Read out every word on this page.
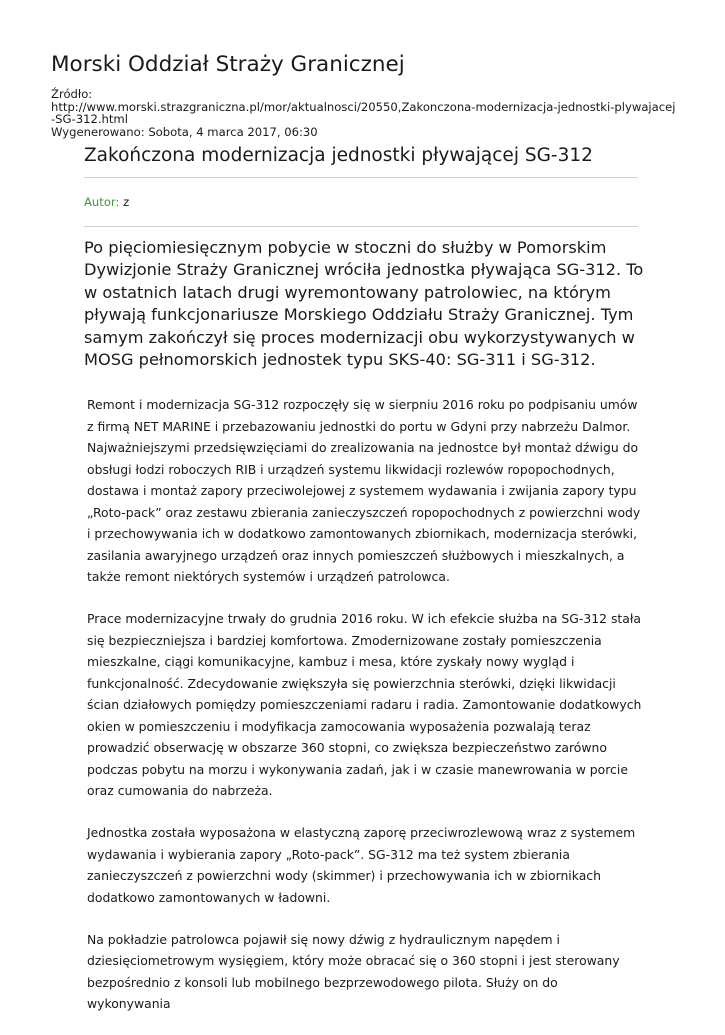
Morski Oddział Straży Granicznej
Źródło:
http://www.morski.strazgraniczna.pl/mor/aktualnosci/20550,Zakonczona-modernizacja-jednostki-plywajacej-SG-312.html
Wygenerowano: Sobota, 4 marca 2017, 06:30
Zakończona modernizacja jednostki pływającej SG-312
Autor: z

Po pięciomiesięcznym pobycie w stoczni do służby w Pomorskim Dywizjonie Straży Granicznej wróciła jednostka pływająca SG-312. To w ostatnich latach drugi wyremontowany patrolowiec, na którym pływają funkcjonariusze Morskiego Oddziału Straży Granicznej. Tym samym zakończył się proces modernizacji obu wykorzystywanych w MOSG pełnomorskich jednostek typu SKS-40: SG-311 i SG-312.

Remont i modernizacja SG-312 rozpoczęły się w sierpniu 2016 roku po podpisaniu umów z firmą NET MARINE i przebazowaniu jednostki do portu w Gdyni przy nabrzeżu Dalmor. Najważniejszymi przedsięwzięciami do zrealizowania na jednostce był montaż dźwigu do obsługi łodzi roboczych RIB i urządzeń systemu likwidacji rozlewów ropopochodnych, dostawa i montaż zapory przeciwolejowej z systemem wydawania i zwijania zapory typu „Roto-pack” oraz zestawu zbierania zanieczyszczeń ropopochodnych z powierzchni wody i przechowywania ich w dodatkowo zamontowanych zbiornikach, modernizacja sterówki, zasilania awaryjnego urządzeń oraz innych pomieszczeń służbowych i mieszkalnych, a także remont niektórych systemów i urządzeń patrolowca.

Prace modernizacyjne trwały do grudnia 2016 roku. W ich efekcie służba na SG-312 stała się bezpieczniejsza i bardziej komfortowa. Zmodernizowane zostały pomieszczenia mieszkalne, ciągi komunikacyjne, kambuz i mesa, które zyskały nowy wygląd i funkcjonalność. Zdecydowanie zwiększyła się powierzchnia sterówki, dzięki likwidacji ścian działowych pomiędzy pomieszczeniami radaru i radia. Zamontowanie dodatkowych okien w pomieszczeniu i modyfikacja zamocowania wyposażenia pozwalają teraz prowadzić obserwację w obszarze 360 stopni, co zwiększa bezpieczeństwo zarówno podczas pobytu na morzu i wykonywania zadań, jak i w czasie manewrowania w porcie oraz cumowania do nabrzeża.

Jednostka została wyposażona w elastyczną zaporę przeciwrozlewową wraz z systemem wydawania i wybierania zapory „Roto-pack”. SG-312 ma też system zbierania zanieczyszczeń z powierzchni wody (skimmer) i przechowywania ich w zbiornikach dodatkowo zamontowanych w ładowni.

Na pokładzie patrolowca pojawił się nowy dźwig z hydraulicznym napędem i dziesięciometrowym wysięgiem, który może obracać się o 360 stopni i jest sterowany bezpośrednio z konsoli lub mobilnego bezprzewodowego pilota. Służy on do wykonywania
